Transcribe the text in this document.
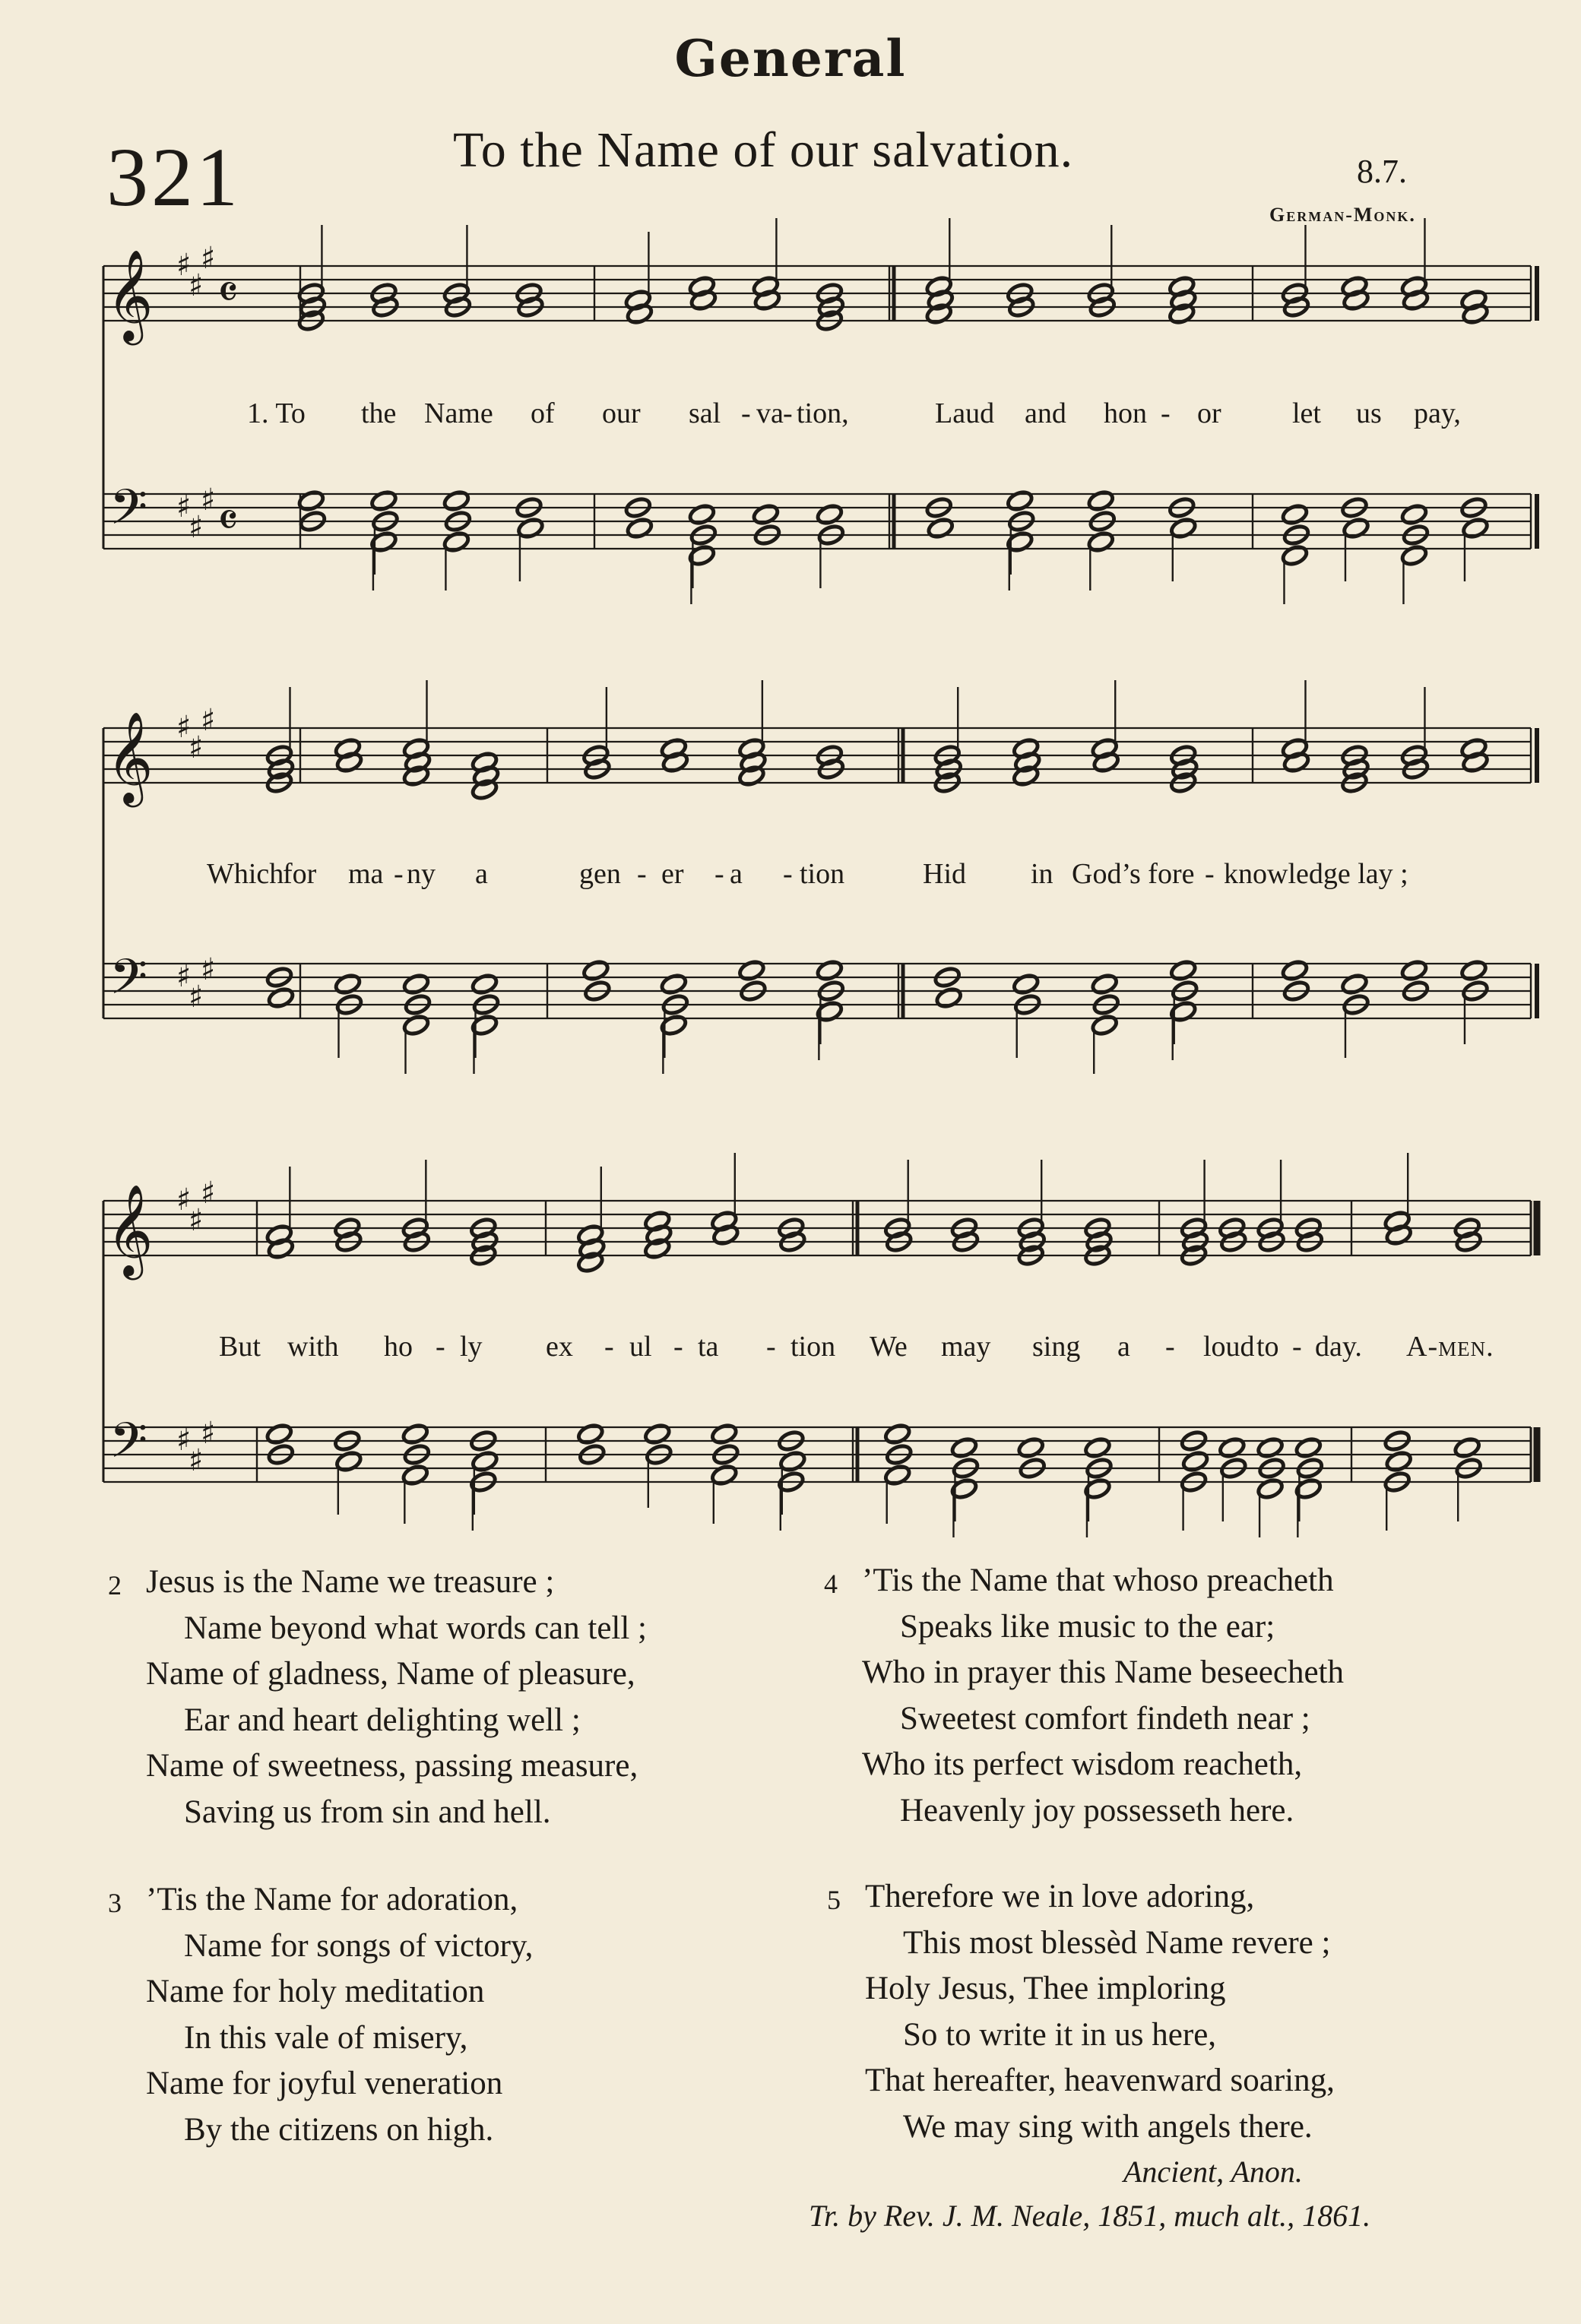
General
321	To the Name of our salvation.	8.7.
German-Monk.
𝄞
𝄢
♯
♯
♯
♯
♯
♯
𝄴
𝄴
𝄞
𝄢
♯
♯
♯
♯
♯
♯
𝄞
𝄢
♯
♯
♯
♯
♯
♯
1. To the Name of our sal - va - tion,	Laud and hon - or let us pay,
Which
for ma - ny a	gen - er - a - tion	Hid in God’s fore - knowledge lay ;
But with ho - ly ex - ul - ta - tion We may sing a - loud to - day. A-men.
2 Jesus is the Name we treasure ;
Name beyond what words can tell ;
Name of gladness, Name of pleasure,
Ear and heart delighting well ;
Name of sweetness, passing measure,
Saving us from sin and hell.
3 ’Tis the Name for adoration,
Name for songs of victory,
Name for holy meditation
In this vale of misery,
Name for joyful veneration
By the citizens on high.
4 ’Tis the Name that whoso preacheth
Speaks like music to the ear;
Who in prayer this Name beseecheth
Sweetest comfort findeth near ;
Who its perfect wisdom reacheth,
Heavenly joy possesseth here.
5 Therefore we in love adoring,
This most blessèd Name revere ;
Holy Jesus, Thee imploring
So to write it in us here,
That hereafter, heavenward soaring,
We may sing with angels there.
Ancient, Anon.
Tr. by Rev. J. M. Neale, 1851, much alt., 1861.
